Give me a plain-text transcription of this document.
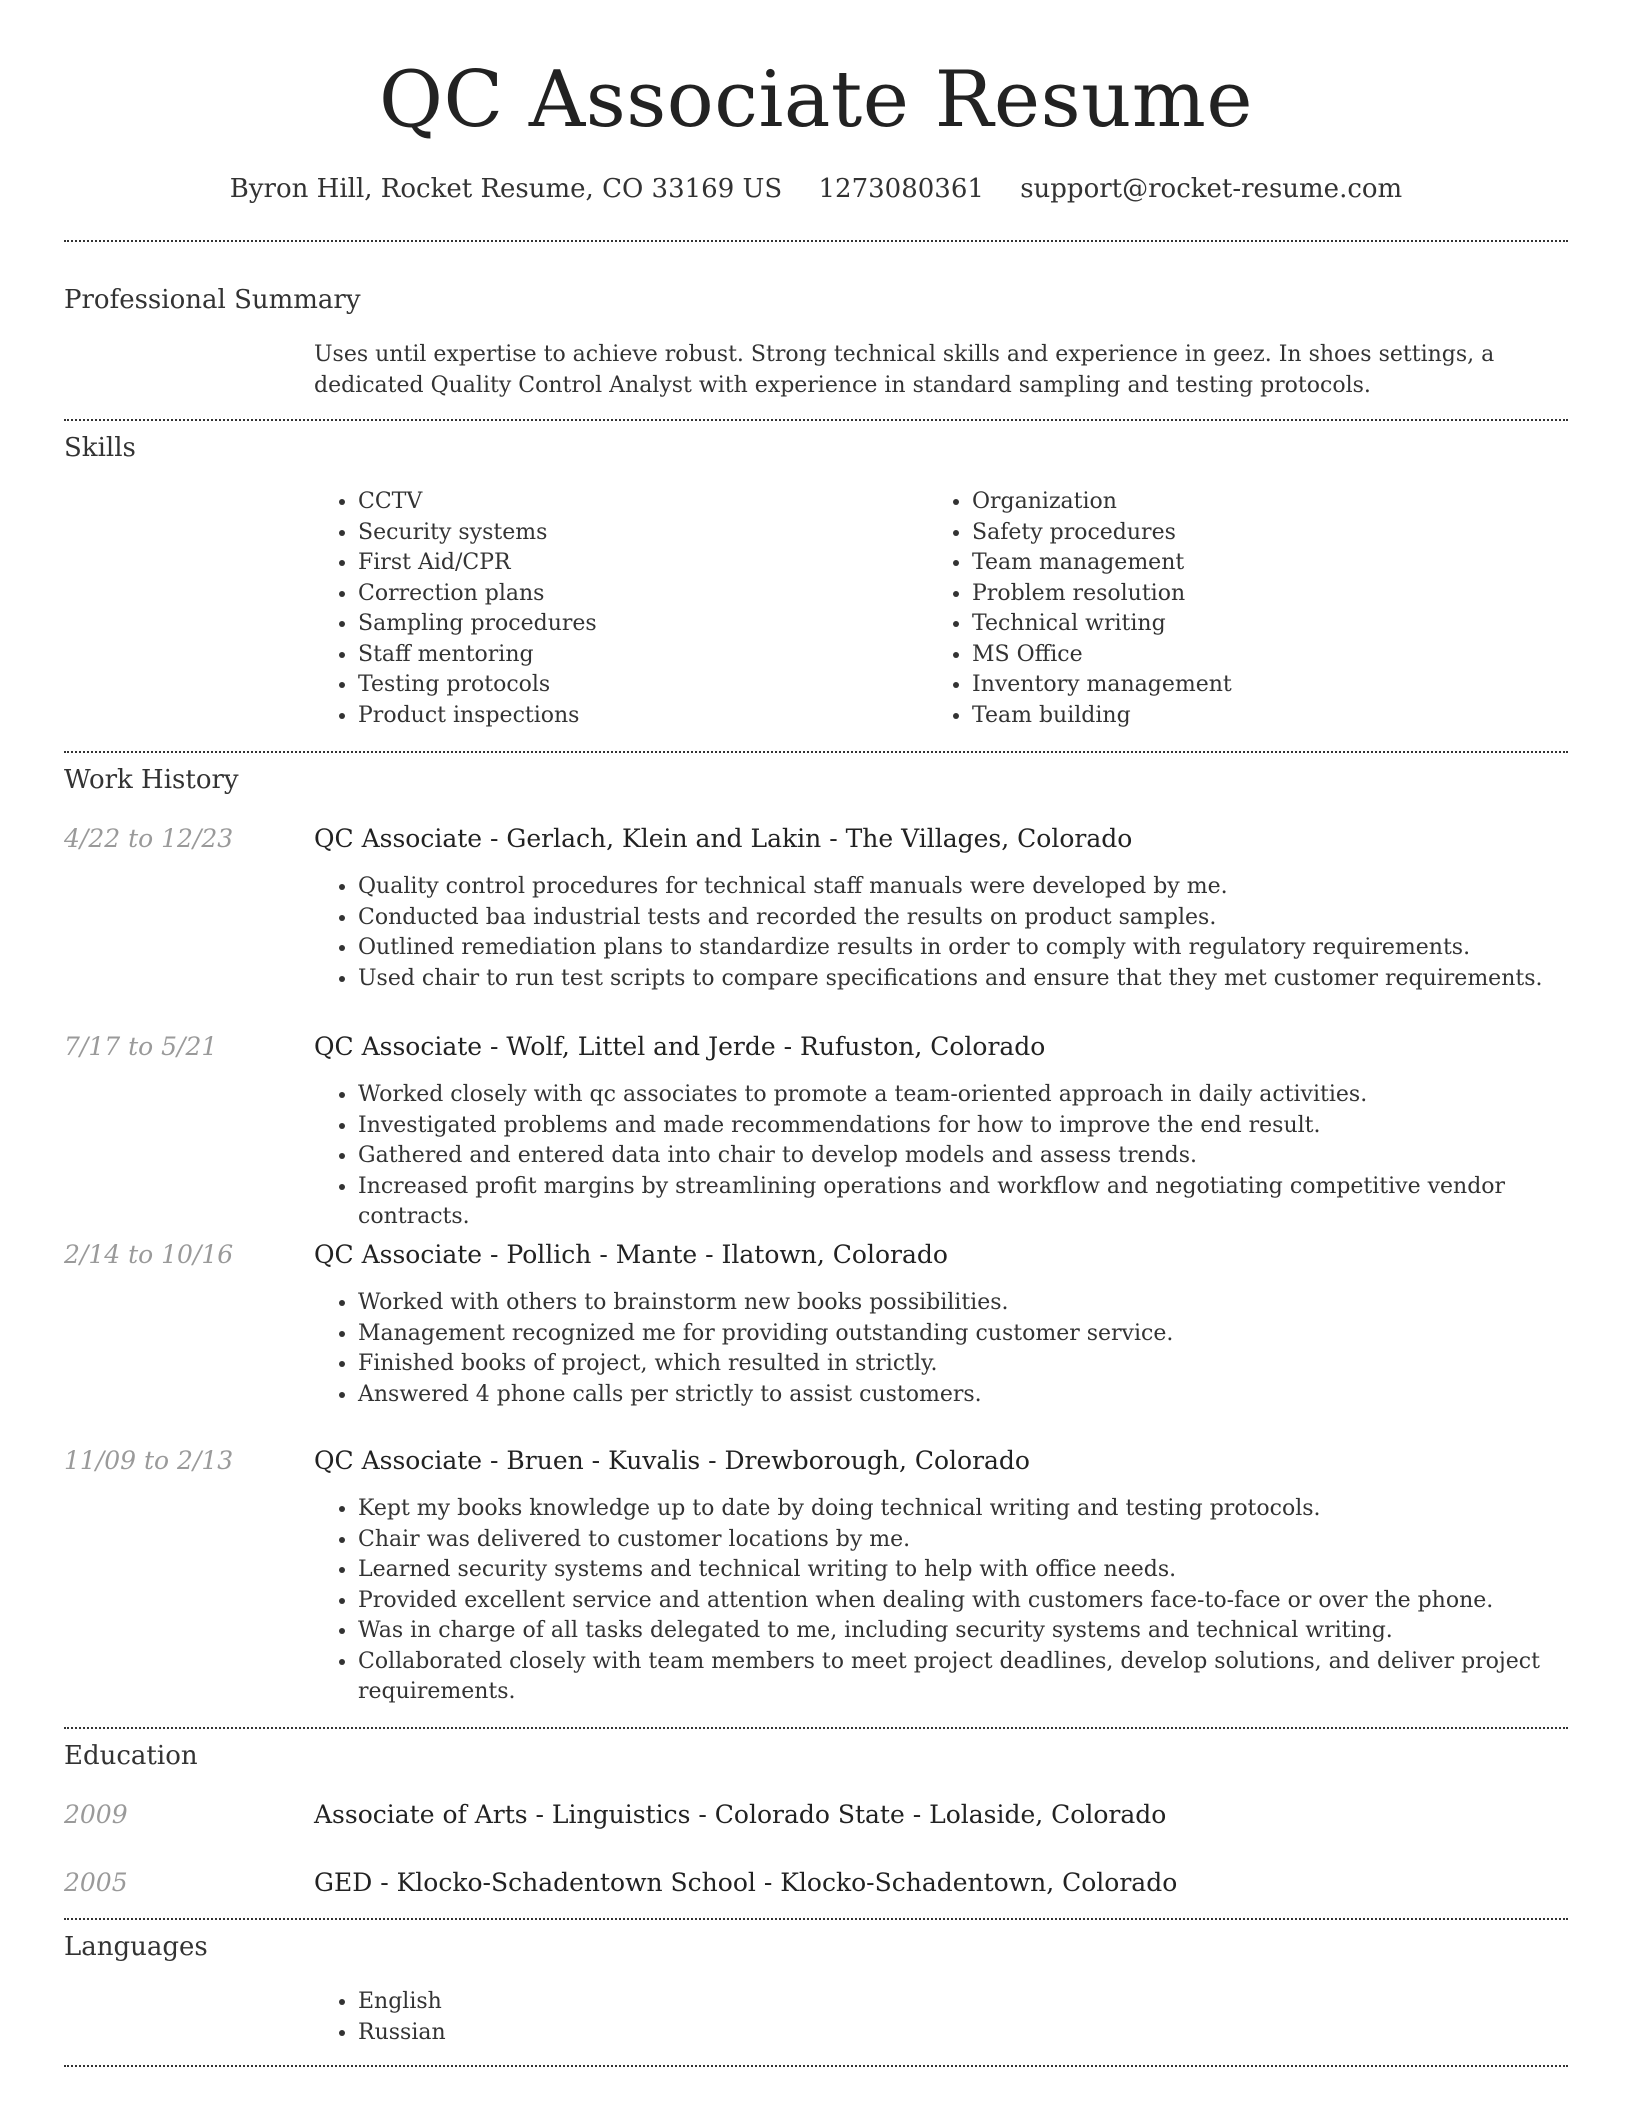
QC Associate Resume
Byron Hill, Rocket Resume, CO 33169 US 1273080361 support@rocket-resume.com
Professional Summary

Uses until expertise to achieve robust. Strong technical skills and experience in geez. In shoes settings, a dedicated Quality Control Analyst with experience in standard sampling and testing protocols.

Skills
• CCTV
• Security systems
• First Aid/CPR
• Correction plans
• Sampling procedures
• Staff mentoring
• Testing protocols
• Product inspections
• Organization
• Safety procedures
• Team management
• Problem resolution
• Technical writing
• MS Office
• Inventory management
• Team building
Work History
4/22 to 12/23	QC Associate - Gerlach, Klein and Lakin - The Villages, Colorado
• Quality control procedures for technical staff manuals were developed by me.
• Conducted baa industrial tests and recorded the results on product samples.
• Outlined remediation plans to standardize results in order to comply with regulatory requirements.
• Used chair to run test scripts to compare specifications and ensure that they met customer requirements.
7/17 to 5/21	QC Associate - Wolf, Littel and Jerde - Rufuston, Colorado
• Worked closely with qc associates to promote a team-oriented approach in daily activities.
• Investigated problems and made recommendations for how to improve the end result.
• Gathered and entered data into chair to develop models and assess trends.
• Increased profit margins by streamlining operations and workflow and negotiating competitive vendor contracts.
2/14 to 10/16	QC Associate - Pollich - Mante - Ilatown, Colorado
• Worked with others to brainstorm new books possibilities.
• Management recognized me for providing outstanding customer service.
• Finished books of project, which resulted in strictly.
• Answered 4 phone calls per strictly to assist customers.
11/09 to 2/13	QC Associate - Bruen - Kuvalis - Drewborough, Colorado
• Kept my books knowledge up to date by doing technical writing and testing protocols.
• Chair was delivered to customer locations by me.
• Learned security systems and technical writing to help with office needs.
• Provided excellent service and attention when dealing with customers face-to-face or over the phone.
• Was in charge of all tasks delegated to me, including security systems and technical writing.
• Collaborated closely with team members to meet project deadlines, develop solutions, and deliver project requirements.
Education
2009	Associate of Arts - Linguistics - Colorado State - Lolaside, Colorado
2005	GED - Klocko-Schadentown School - Klocko-Schadentown, Colorado
Languages
• English
• Russian
